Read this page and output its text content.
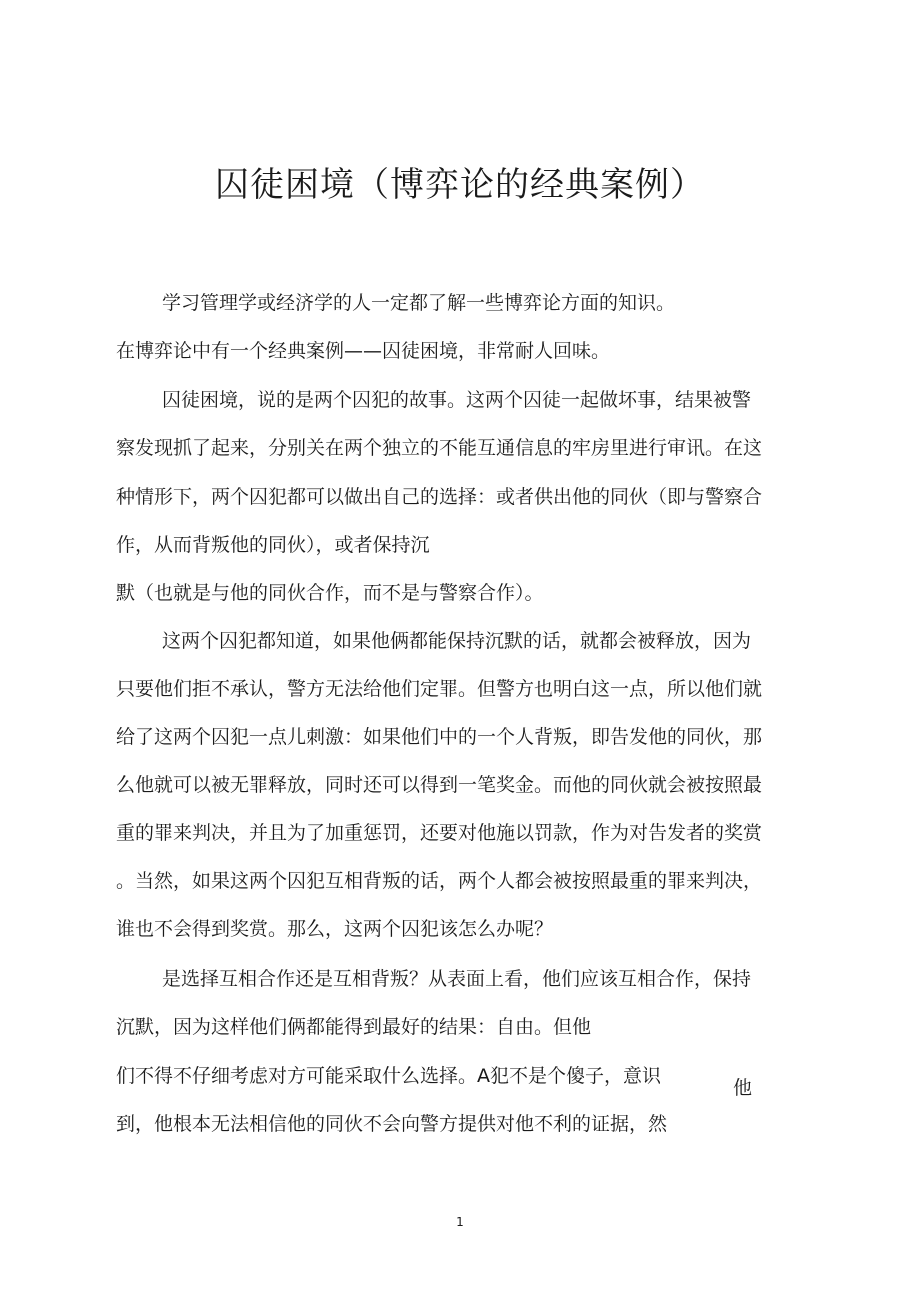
囚徒困境（博弈论的经典案例）

学习管理学或经济学的人一定都了解一些博弈论方面的知识。

在博弈论中有一个经典案例——囚徒困境，非常耐人回味。

囚徒困境，说的是两个囚犯的故事。这两个囚徒一起做坏事，结果被警

察发现抓了起来，分别关在两个独立的不能互通信息的牢房里进行审讯。在这

种情形下，两个囚犯都可以做出自己的选择：或者供出他的同伙（即与警察合

作，从而背叛他的同伙），或者保持沉

默（也就是与他的同伙合作，而不是与警察合作）。

这两个囚犯都知道，如果他俩都能保持沉默的话，就都会被释放，因为

只要他们拒不承认，警方无法给他们定罪。但警方也明白这一点，所以他们就

给了这两个囚犯一点儿刺激：如果他们中的一个人背叛，即告发他的同伙，那

么他就可以被无罪释放，同时还可以得到一笔奖金。而他的同伙就会被按照最

重的罪来判决，并且为了加重惩罚，还要对他施以罚款，作为对告发者的奖赏

。当然，如果这两个囚犯互相背叛的话，两个人都会被按照最重的罪来判决，

谁也不会得到奖赏。那么，这两个囚犯该怎么办呢？

是选择互相合作还是互相背叛？从表面上看，他们应该互相合作，保持

沉默，因为这样他们俩都能得到最好的结果：自由。但他

们不得不仔细考虑对方可能采取什么选择。A犯不是个傻子，意识

到，他根本无法相信他的同伙不会向警方提供对他不利的证据，然

他
1
